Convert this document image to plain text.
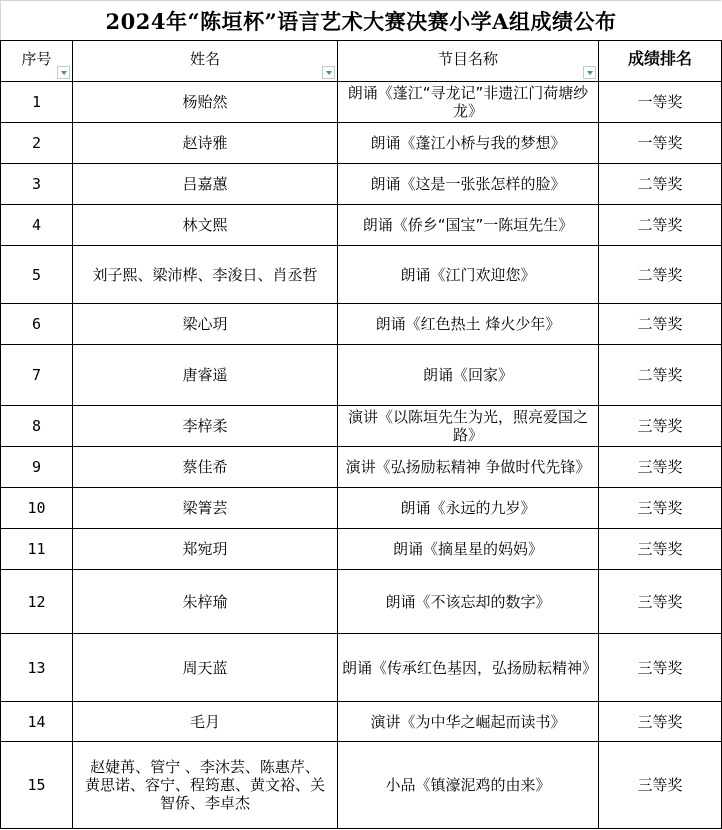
2024年“陈垣杯”语言艺术大赛决赛小学A组成绩公布
序号	姓名	节目名称	成绩排名
1	杨贻然	朗诵《蓬江“寻龙记”非遗江门荷塘纱龙》	一等奖
2	赵诗雅	朗诵《蓬江小桥与我的梦想》	一等奖
3	吕嘉蕙	朗诵《这是一张张怎样的脸》	二等奖
4	林文熙	朗诵《侨乡“国宝”一陈垣先生》	二等奖
5	刘子熙、梁沛桦、李浚日、肖丞哲	朗诵《江门欢迎您》	二等奖
6	梁心玥	朗诵《红色热土 烽火少年》	二等奖
7	唐睿遥	朗诵《回家》	二等奖
8	李梓柔	演讲《以陈垣先生为光，照亮爱国之路》	三等奖
9	蔡佳希	演讲《弘扬励耘精神 争做时代先锋》	三等奖
10	梁箐芸	朗诵《永远的九岁》	三等奖
11	郑宛玥	朗诵《摘星星的妈妈》	三等奖
12	朱梓瑜	朗诵《不该忘却的数字》	三等奖
13	周天蓝	朗诵《传承红色基因，弘扬励耘精神》	三等奖
14	毛月	演讲《为中华之崛起而读书》	三等奖
15	赵婕苒、管宁 、李沐芸、陈惠芹、黄思诺、容宁、程筠惠、黄文裕、关智侨、李卓杰	小品《镇濠泥鸡的由来》	三等奖
